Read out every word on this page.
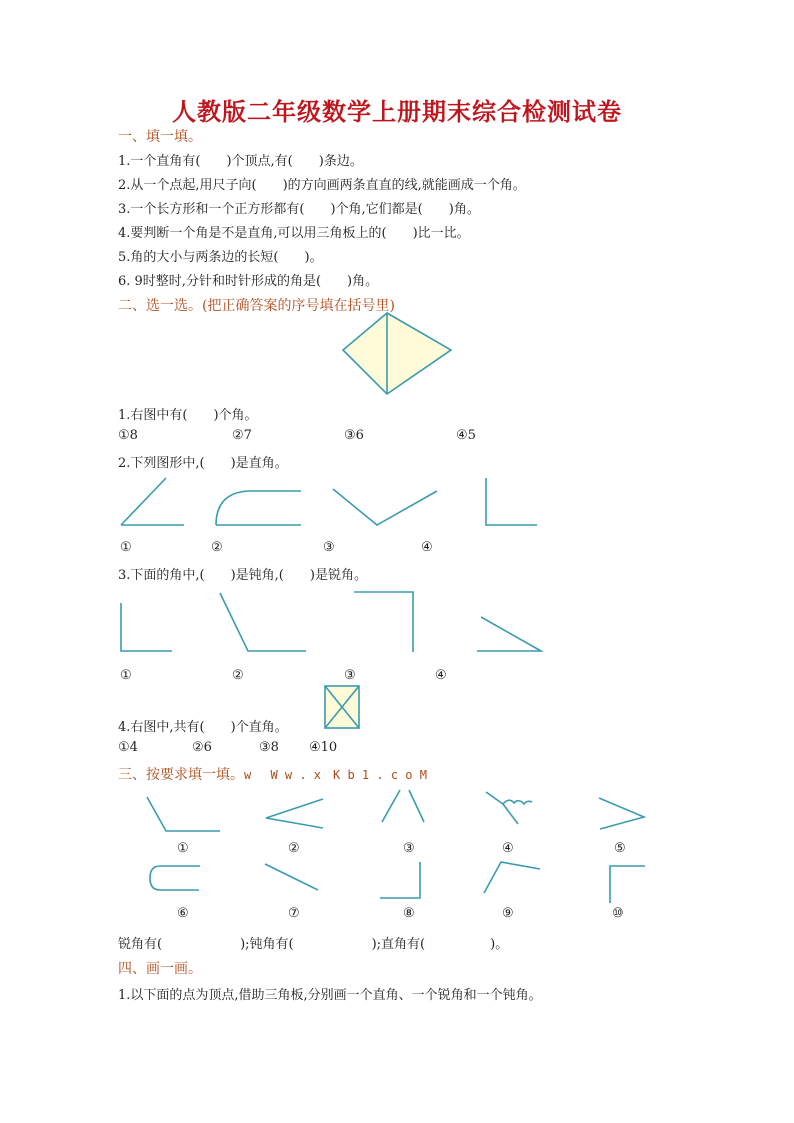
人教版二年级数学上册期末综合检测试卷
一、填一填。
1.一个直角有(　　)个顶点,有(　　)条边。
2.从一个点起,用尺子向(　　)的方向画两条直直的线,就能画成一个角。
3.一个长方形和一个正方形都有(　　)个角,它们都是(　　)角。
4.要判断一个角是不是直角,可以用三角板上的(　　)比一比。
5.角的大小与两条边的长短(　　)。
6. 9时整时,分针和时针形成的角是(　　)角。
二、选一选。(把正确答案的序号填在括号里)
1.右图中有(　　)个角。
①8	②7	③6	④5
2.下列图形中,(　　)是直角。
①	②	③	④
3.下面的角中,(　　)是钝角,(　　)是锐角。
①	②	③	④
4.右图中,共有(　　)个直角。
①4	②6	③8 ④10
三、按要求填一填。 w　 W w . x　K b 1 . c o M
①	②	③	④	⑤
⑥	⑦	⑧	⑨	⑩
锐角有(　　　　　　);钝角有(　　　　　　);直角有(　　　　　)。
四、画一画。
1.以下面的点为顶点,借助三角板,分别画一个直角、一个锐角和一个钝角。
